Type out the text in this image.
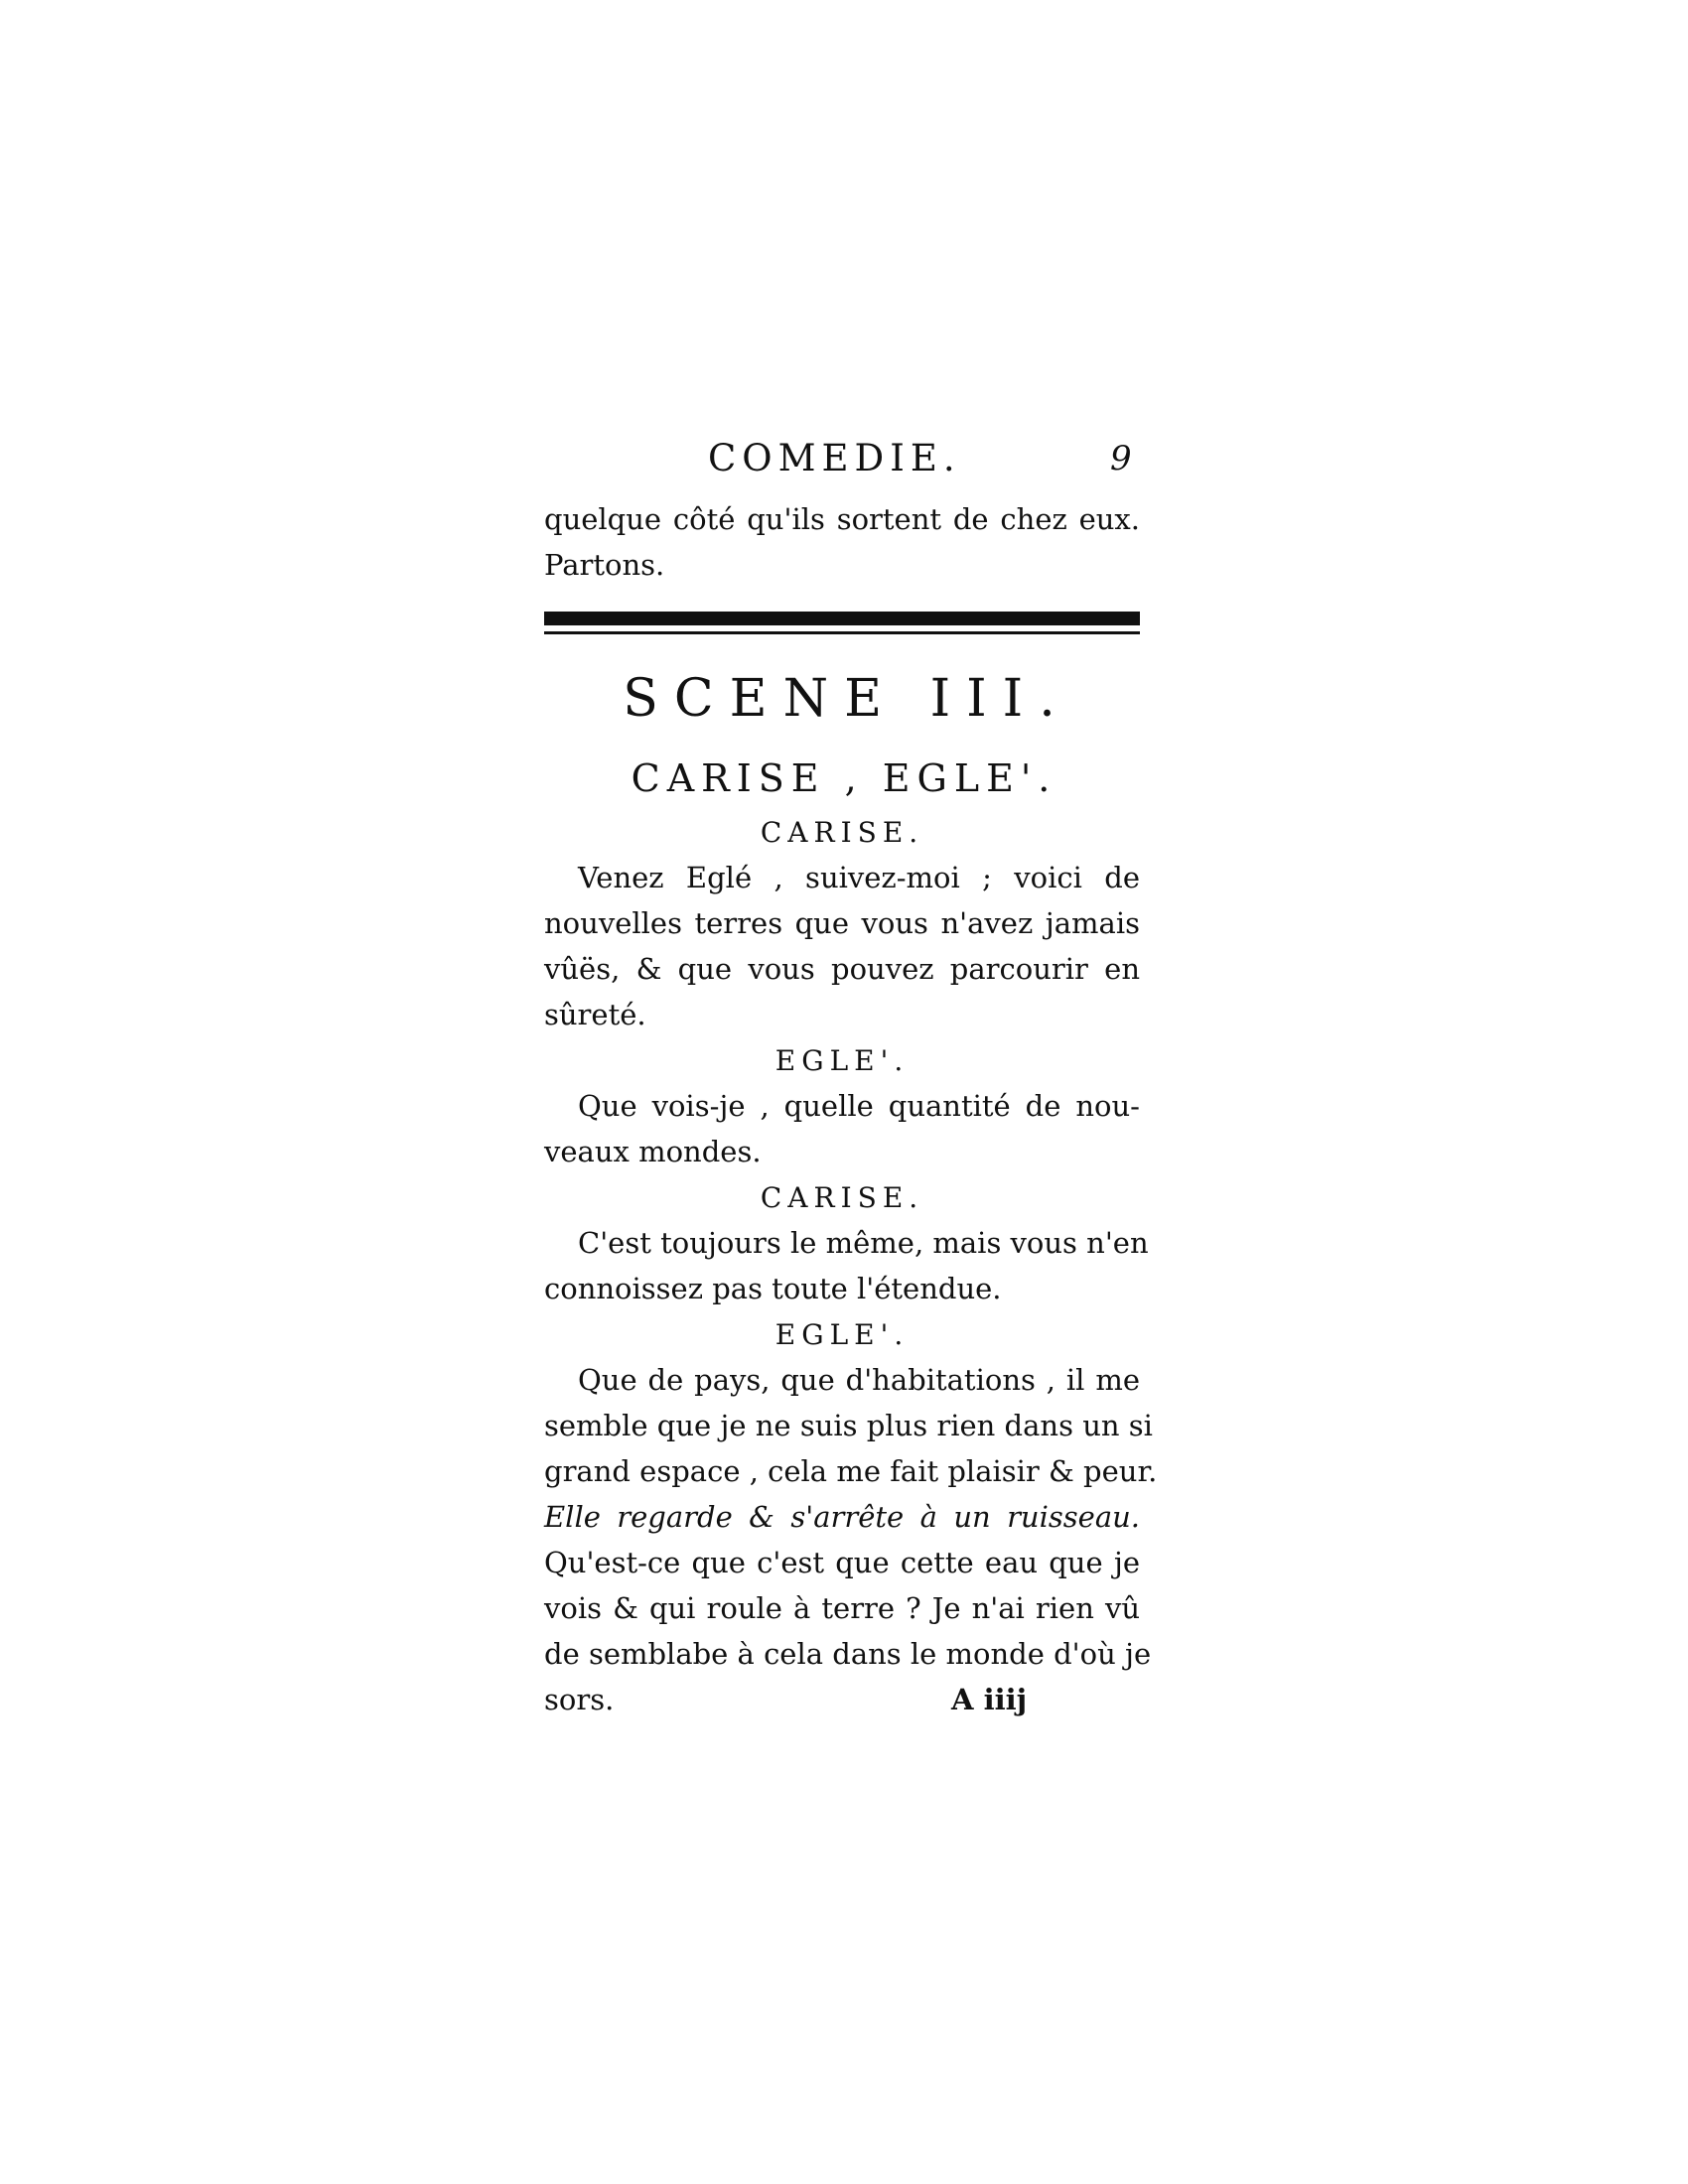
COMEDIE.	9
quelque côté qu'ils sortent de chez eux.
Partons.
SCENE III.
CARISE , EGLE'.
CARISE.
Venez Eglé , suivez-moi ; voici de
nouvelles terres que vous n'avez jamais
vûës, & que vous pouvez parcourir en
sûreté.
EGLE'.
Que vois-je , quelle quantité de nou-
veaux mondes.
CARISE.
C'est toujours le même, mais vous n'en
connoissez pas toute l'étendue.
EGLE'.
Que de pays, que d'habitations , il me
semble que je ne suis plus rien dans un si
grand espace , cela me fait plaisir & peur.
Elle regarde & s'arrête à un ruisseau.
Qu'est-ce que c'est que cette eau que je
vois & qui roule à terre ? Je n'ai rien vû
de semblabe à cela dans le monde d'où je
sors.	A iiij
